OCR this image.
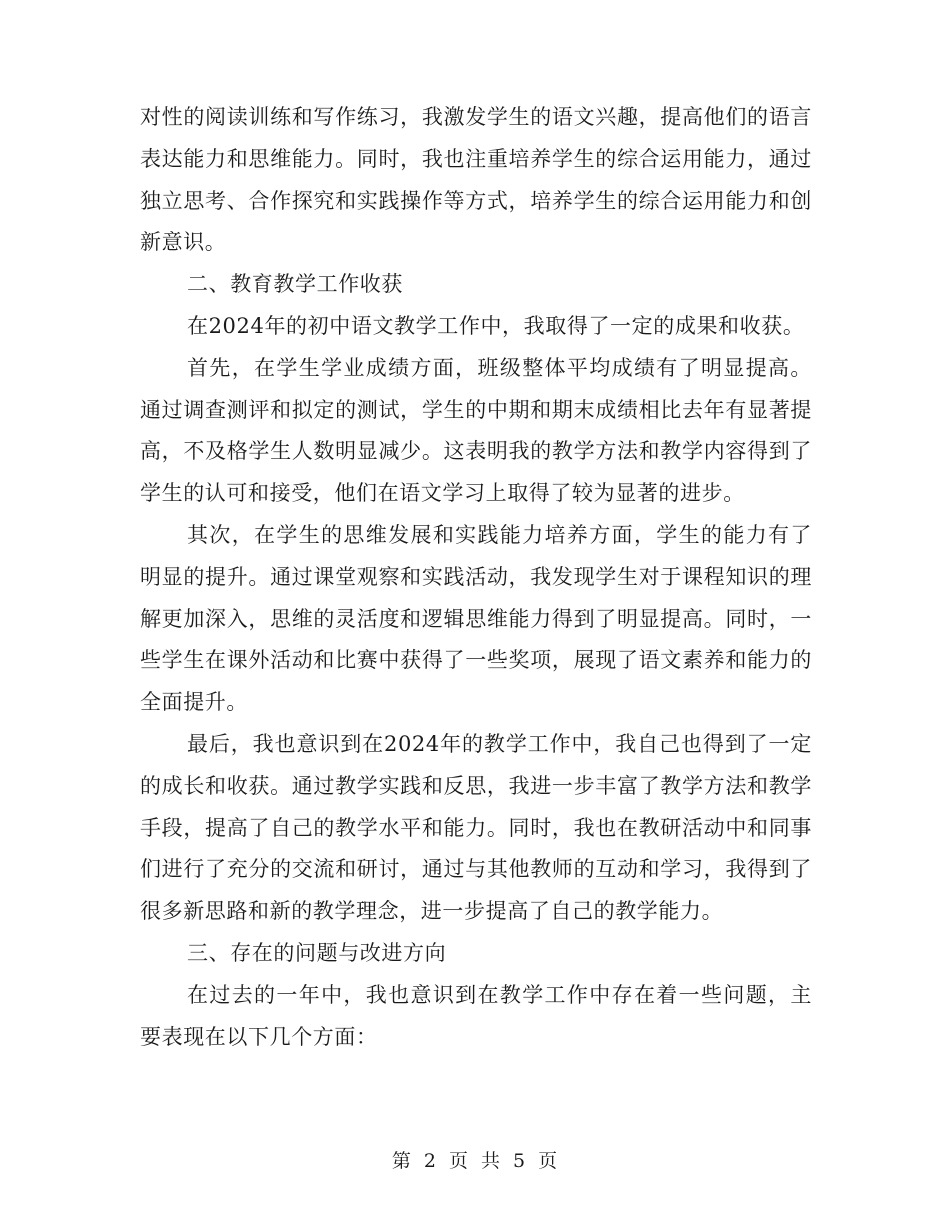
对性的阅读训练和写作练习，我激发学生的语文兴趣，提高他们的语言表达能力和思维能力。同时，我也注重培养学生的综合运用能力，通过独立思考、合作探究和实践操作等方式，培养学生的综合运用能力和创新意识。

二、教育教学工作收获

在2024年的初中语文教学工作中，我取得了一定的成果和收获。

首先，在学生学业成绩方面，班级整体平均成绩有了明显提高。通过调查测评和拟定的测试，学生的中期和期末成绩相比去年有显著提高，不及格学生人数明显减少。这表明我的教学方法和教学内容得到了学生的认可和接受，他们在语文学习上取得了较为显著的进步。

其次，在学生的思维发展和实践能力培养方面，学生的能力有了明显的提升。通过课堂观察和实践活动，我发现学生对于课程知识的理解更加深入，思维的灵活度和逻辑思维能力得到了明显提高。同时，一些学生在课外活动和比赛中获得了一些奖项，展现了语文素养和能力的全面提升。

最后，我也意识到在2024年的教学工作中，我自己也得到了一定的成长和收获。通过教学实践和反思，我进一步丰富了教学方法和教学手段，提高了自己的教学水平和能力。同时，我也在教研活动中和同事们进行了充分的交流和研讨，通过与其他教师的互动和学习，我得到了很多新思路和新的教学理念，进一步提高了自己的教学能力。

三、存在的问题与改进方向

在过去的一年中，我也意识到在教学工作中存在着一些问题，主要表现在以下几个方面：

第 2 页 共 5 页
